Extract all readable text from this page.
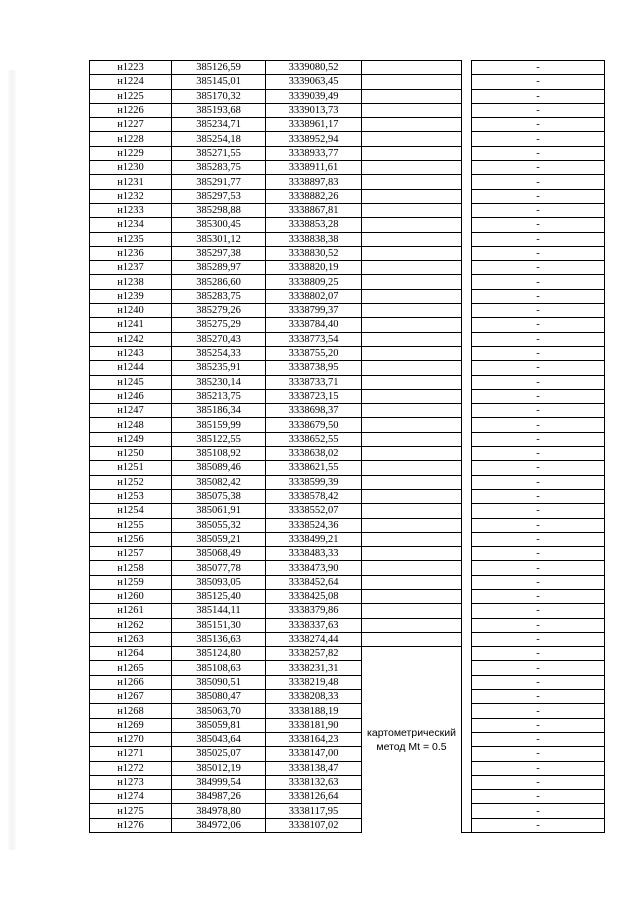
н1223	385126,59	3339080,52			-
н1224	385145,01	3339063,45			-
н1225	385170,32	3339039,49			-
н1226	385193,68	3339013,73			-
н1227	385234,71	3338961,17			-
н1228	385254,18	3338952,94			-
н1229	385271,55	3338933,77			-
н1230	385283,75	3338911,61			-
н1231	385291,77	3338897,83			-
н1232	385297,53	3338882,26			-
н1233	385298,88	3338867,81			-
н1234	385300,45	3338853,28			-
н1235	385301,12	3338838,38			-
н1236	385297,38	3338830,52			-
н1237	385289,97	3338820,19			-
н1238	385286,60	3338809,25			-
н1239	385283,75	3338802,07			-
н1240	385279,26	3338799,37			-
н1241	385275,29	3338784,40			-
н1242	385270,43	3338773,54			-
н1243	385254,33	3338755,20			-
н1244	385235,91	3338738,95			-
н1245	385230,14	3338733,71			-
н1246	385213,75	3338723,15			-
н1247	385186,34	3338698,37			-
н1248	385159,99	3338679,50			-
н1249	385122,55	3338652,55			-
н1250	385108,92	3338638,02			-
н1251	385089,46	3338621,55			-
н1252	385082,42	3338599,39			-
н1253	385075,38	3338578,42			-
н1254	385061,91	3338552,07			-
н1255	385055,32	3338524,36			-
н1256	385059,21	3338499,21			-
н1257	385068,49	3338483,33			-
н1258	385077,78	3338473,90			-
н1259	385093,05	3338452,64			-
н1260	385125,40	3338425,08			-
н1261	385144,11	3338379,86			-
н1262	385151,30	3338337,63			-
н1263	385136,63	3338274,44			-
н1264	385124,80	3338257,82	картометрический метод Mt = 0.5		-
н1265	385108,63	3338231,31			-
н1266	385090,51	3338219,48			-
н1267	385080,47	3338208,33			-
н1268	385063,70	3338188,19			-
н1269	385059,81	3338181,90			-
н1270	385043,64	3338164,23			-
н1271	385025,07	3338147,00			-
н1272	385012,19	3338138,47			-
н1273	384999,54	3338132,63			-
н1274	384987,26	3338126,64			-
н1275	384978,80	3338117,95			-
н1276	384972,06	3338107,02			-
